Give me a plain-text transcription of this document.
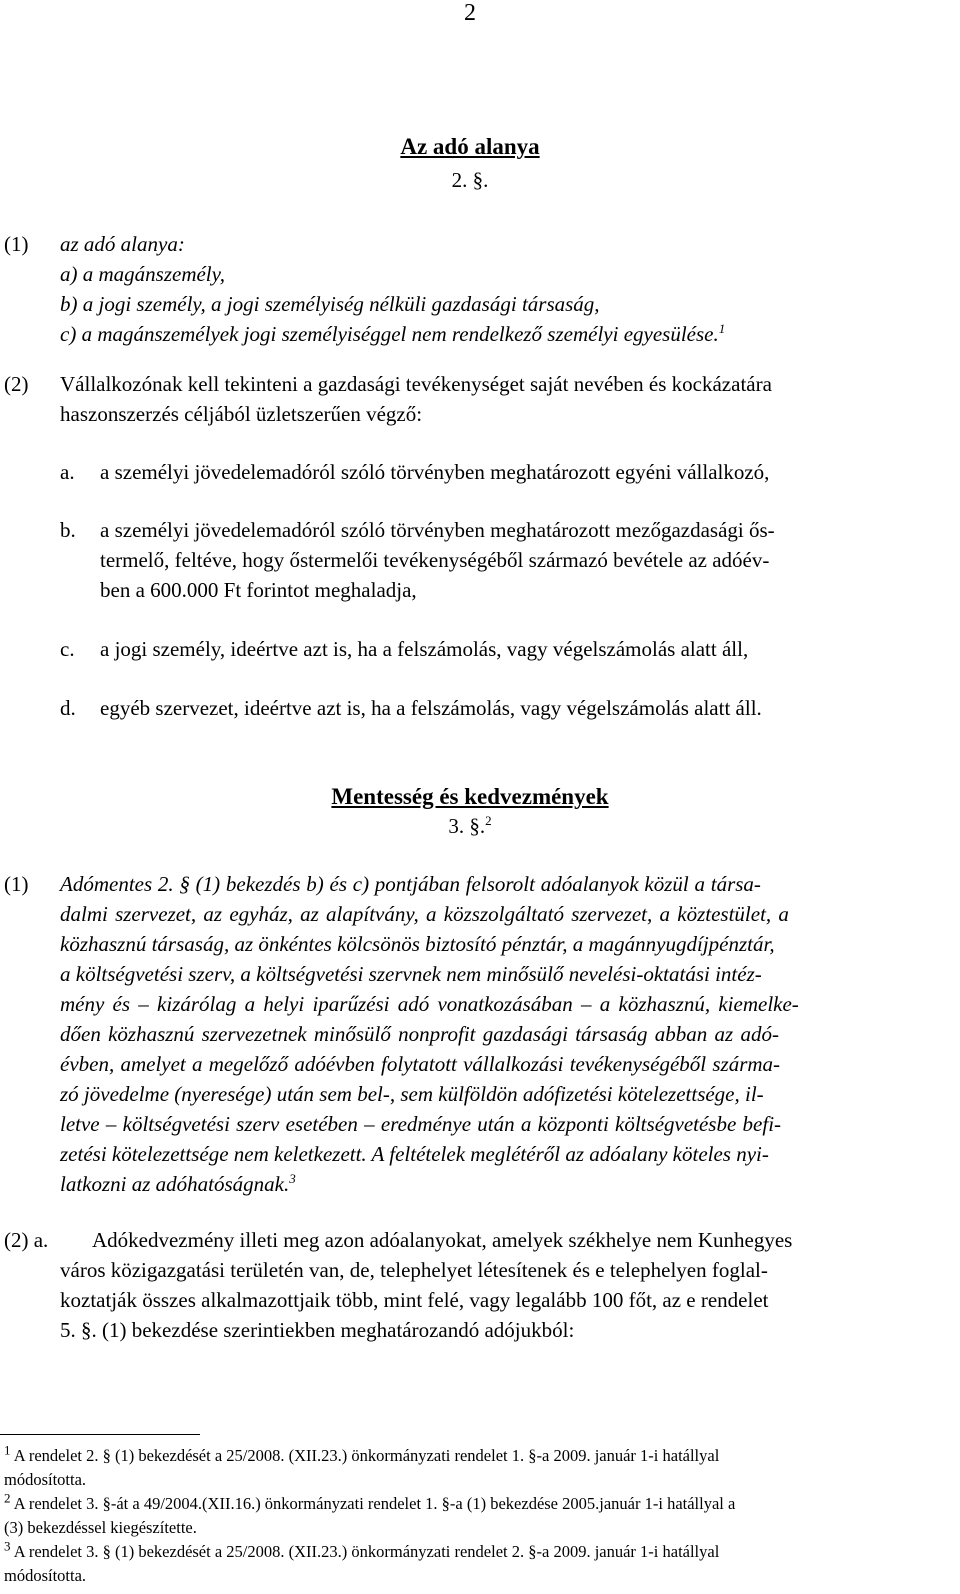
2
Az adó alanya
2. §.
(1) az adó alanya:
a) a magánszemély,
b) a jogi személy, a jogi személyiség nélküli gazdasági társaság,
c) a magánszemélyek jogi személyiséggel nem rendelkező személyi egyesülése.$^1$
(2) Vállalkozónak kell tekinteni a gazdasági tevékenységet saját nevében és kockázatára
haszonszerzés céljából üzletszerűen végző:
a. a személyi jövedelemadóról szóló törvényben meghatározott egyéni vállalkozó,
b. a személyi jövedelemadóról szóló törvényben meghatározott mezőgazdasági ős-
termelő, feltéve, hogy őstermelői tevékenységéből származó bevétele az adóév-
ben a 600.000 Ft forintot meghaladja,
c. a jogi személy, ideértve azt is, ha a felszámolás, vagy végelszámolás alatt áll,
d. egyéb szervezet, ideértve azt is, ha a felszámolás, vagy végelszámolás alatt áll.
Mentesség és kedvezmények
3. §.$^2$
(1) Adómentes 2. § (1) bekezdés b) és c) pontjában felsorolt adóalanyok közül a társa-
dalmi szervezet, az egyház, az alapítvány, a közszolgáltató szervezet, a köztestület, a
közhasznú társaság, az önkéntes kölcsönös biztosító pénztár, a magánnyugdíjpénztár,
a költségvetési szerv, a költségvetési szervnek nem minősülő nevelési-oktatási intéz-
mény és – kizárólag a helyi iparűzési adó vonatkozásában – a közhasznú, kiemelke-
dően közhasznú szervezetnek minősülő nonprofit gazdasági társaság abban az adó-
évben, amelyet a megelőző adóévben folytatott vállalkozási tevékenységéből szárma-
zó jövedelme (nyeresége) után sem bel-, sem külföldön adófizetési kötelezettsége, il-
letve – költségvetési szerv esetében – eredménye után a központi költségvetésbe befi-
zetési kötelezettsége nem keletkezett. A feltételek meglétéről az adóalany köteles nyi-
latkozni az adóhatóságnak.$^3$
(2) a. Adókedvezmény illeti meg azon adóalanyokat, amelyek székhelye nem Kunhegyes
város közigazgatási területén van, de, telephelyet létesítenek és e telephelyen foglal-
koztatják összes alkalmazottjaik több, mint felé, vagy legalább 100 főt, az e rendelet
5. §. (1) bekezdése szerintiekben meghatározandó adójukból:
$^1$ A rendelet 2. § (1) bekezdését a 25/2008. (XII.23.) önkormányzati rendelet 1. §-a 2009. január 1-i hatállyal
módosította.
$^2$ A rendelet 3. §-át a 49/2004.(XII.16.) önkormányzati rendelet 1. §-a (1) bekezdése 2005.január 1-i hatállyal a
(3) bekezdéssel kiegészítette.
$^3$ A rendelet 3. § (1) bekezdését a 25/2008. (XII.23.) önkormányzati rendelet 2. §-a 2009. január 1-i hatállyal
módosította.
